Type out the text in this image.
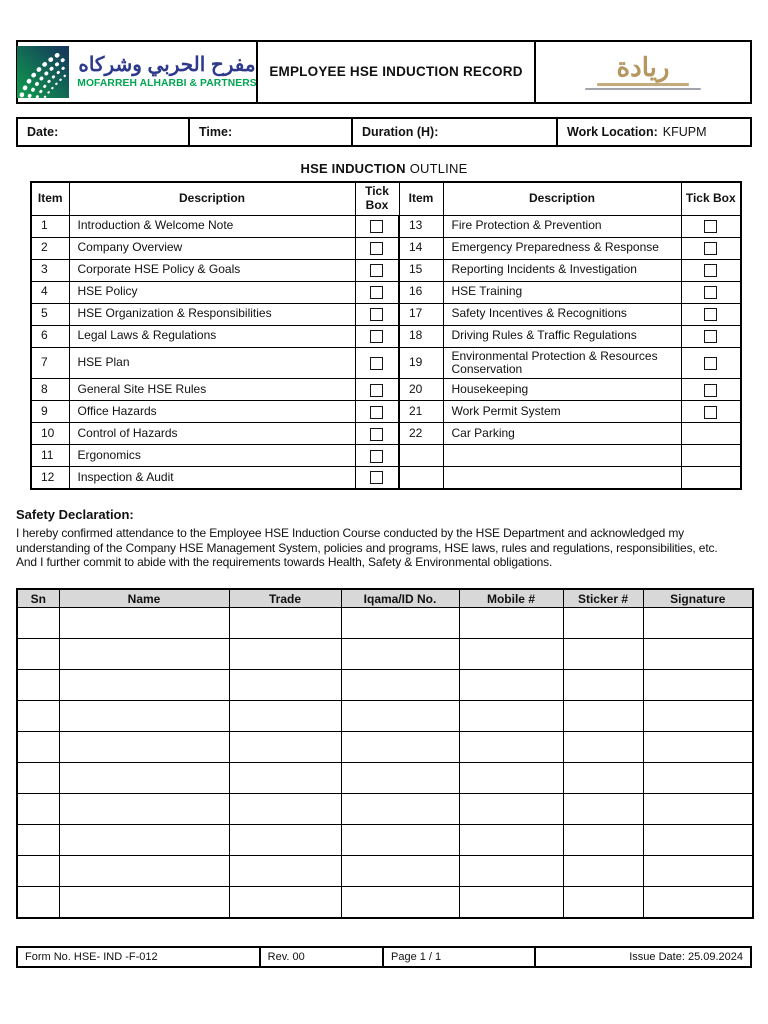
مفرح الحربي وشركاه
MOFARREH ALHARBI & PARTNERS
EMPLOYEE HSE INDUCTION RECORD	ريادة
Date:	Time:	Duration (H):	Work Location: KFUPM
HSE INDUCTION OUTLINE
Item	Description	Tick Box	Item	Description	Tick Box
1	Introduction & Welcome Note		13	Fire Protection & Prevention	
2	Company Overview		14	Emergency Preparedness & Response	
3	Corporate HSE Policy & Goals		15	Reporting Incidents & Investigation	
4	HSE Policy		16	HSE Training	
5	HSE Organization & Responsibilities		17	Safety Incentives & Recognitions	
6	Legal Laws & Regulations		18	Driving Rules & Traffic Regulations	
7	HSE Plan		19	Environmental Protection & Resources Conservation	
8	General Site HSE Rules		20	Housekeeping	
9	Office Hazards		21	Work Permit System	
10	Control of Hazards		22	Car Parking	
11	Ergonomics				
12	Inspection & Audit				
Safety Declaration:
I hereby confirmed attendance to the Employee HSE Induction Course conducted by the HSE Department and acknowledged my understanding of the Company HSE Management System, policies and programs, HSE laws, rules and regulations, responsibilities, etc. And I further commit to abide with the requirements towards Health, Safety & Environmental obligations.
Sn	Name	Trade	Iqama/ID No.	Mobile #	Sticker #	Signature

Form No. HSE- IND -F-012	Rev. 00	Page 1 / 1	Issue Date: 25.09.2024
